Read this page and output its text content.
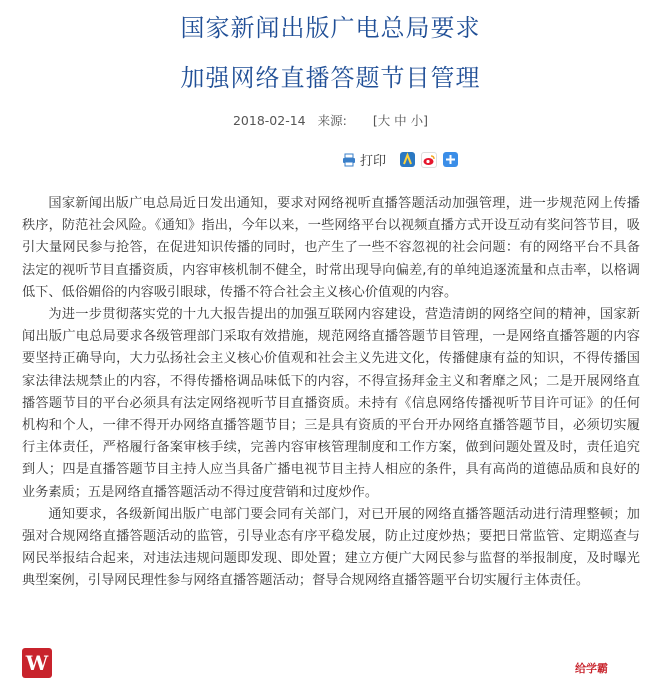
国家新闻出版广电总局要求
加强网络直播答题节目管理
2018-02-14 来源: [大 中 小]
打印

国家新闻出版广电总局近日发出通知，要求对网络视听直播答题活动加强管理，进一步规范网上传播秩序，防范社会风险。《通知》指出，今年以来，一些网络平台以视频直播方式开设互动有奖问答节目，吸引大量网民参与抢答，在促进知识传播的同时，也产生了一些不容忽视的社会问题：有的网络平台不具备法定的视听节目直播资质，内容审核机制不健全，时常出现导向偏差,有的单纯追逐流量和点击率，以格调低下、低俗媚俗的内容吸引眼球，传播不符合社会主义核心价值观的内容。

为进一步贯彻落实党的十九大报告提出的加强互联网内容建设，营造清朗的网络空间的精神，国家新闻出版广电总局要求各级管理部门采取有效措施，规范网络直播答题节目管理，一是网络直播答题的内容要坚持正确导向，大力弘扬社会主义核心价值观和社会主义先进文化，传播健康有益的知识，不得传播国家法律法规禁止的内容，不得传播格调品味低下的内容，不得宣扬拜金主义和奢靡之风；二是开展网络直播答题节目的平台必须具有法定网络视听节目直播资质。未持有《信息网络传播视听节目许可证》的任何机构和个人，一律不得开办网络直播答题节目；三是具有资质的平台开办网络直播答题节目，必须切实履行主体责任，严格履行备案审核手续，完善内容审核管理制度和工作方案，做到问题处置及时，责任追究到人；四是直播答题节目主持人应当具备广播电视节目主持人相应的条件，具有高尚的道德品质和良好的业务素质；五是网络直播答题活动不得过度营销和过度炒作。

通知要求，各级新闻出版广电部门要会同有关部门，对已开展的网络直播答题活动进行清理整顿；加强对合规网络直播答题活动的监管，引导业态有序平稳发展，防止过度炒热；要把日常监管、定期巡查与网民举报结合起来，对违法违规问题即发现、即处置；建立方便广大网民参与监督的举报制度，及时曝光典型案例，引导网民理性参与网络直播答题活动；督导合规网络直播答题平台切实履行主体责任。

W	给学霸
